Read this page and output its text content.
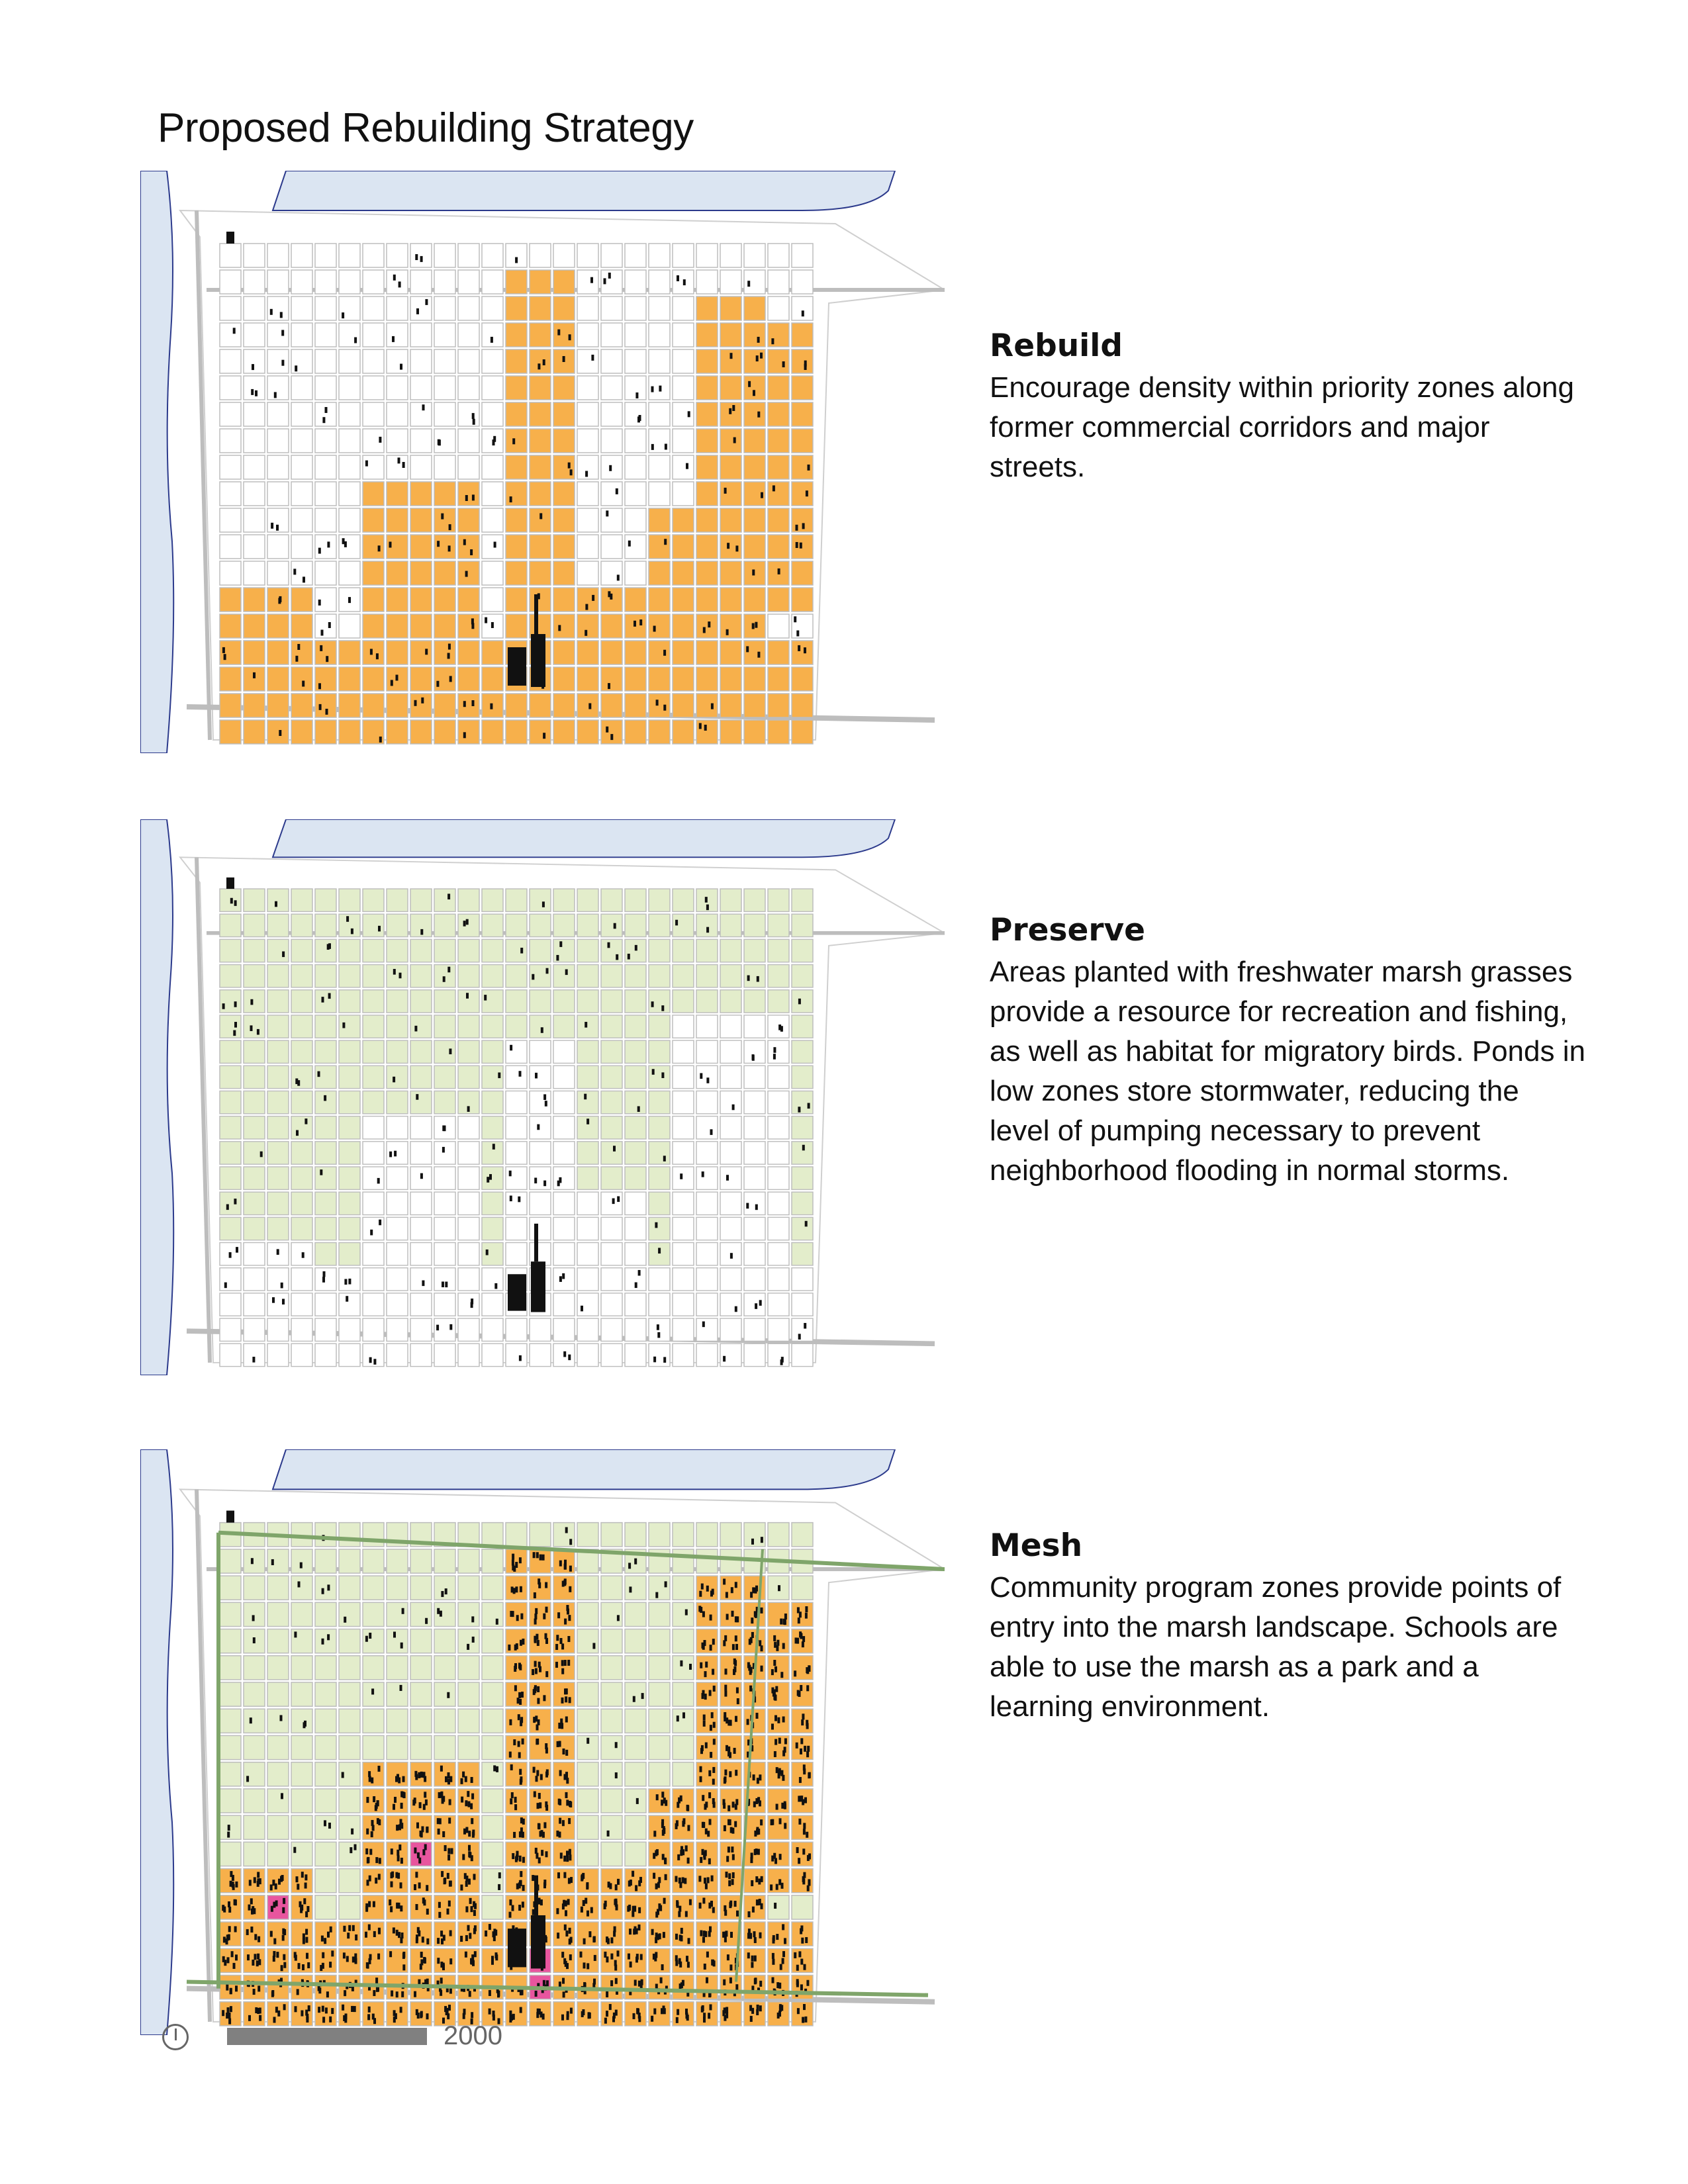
Proposed Rebuilding Strategy
Rebuild

Encourage density within priority zones along former commercial corridors and major streets.

Preserve

Areas planted with freshwater marsh grasses provide a resource for recreation and fishing, as well as habitat for migratory birds. Ponds in low zones store stormwater, reducing the level of pumping necessary to prevent neighborhood flooding in normal storms.

Mesh

Community program zones provide points of entry into the marsh landscape. Schools are able to use the marsh as a park and a learning environment.

2000
